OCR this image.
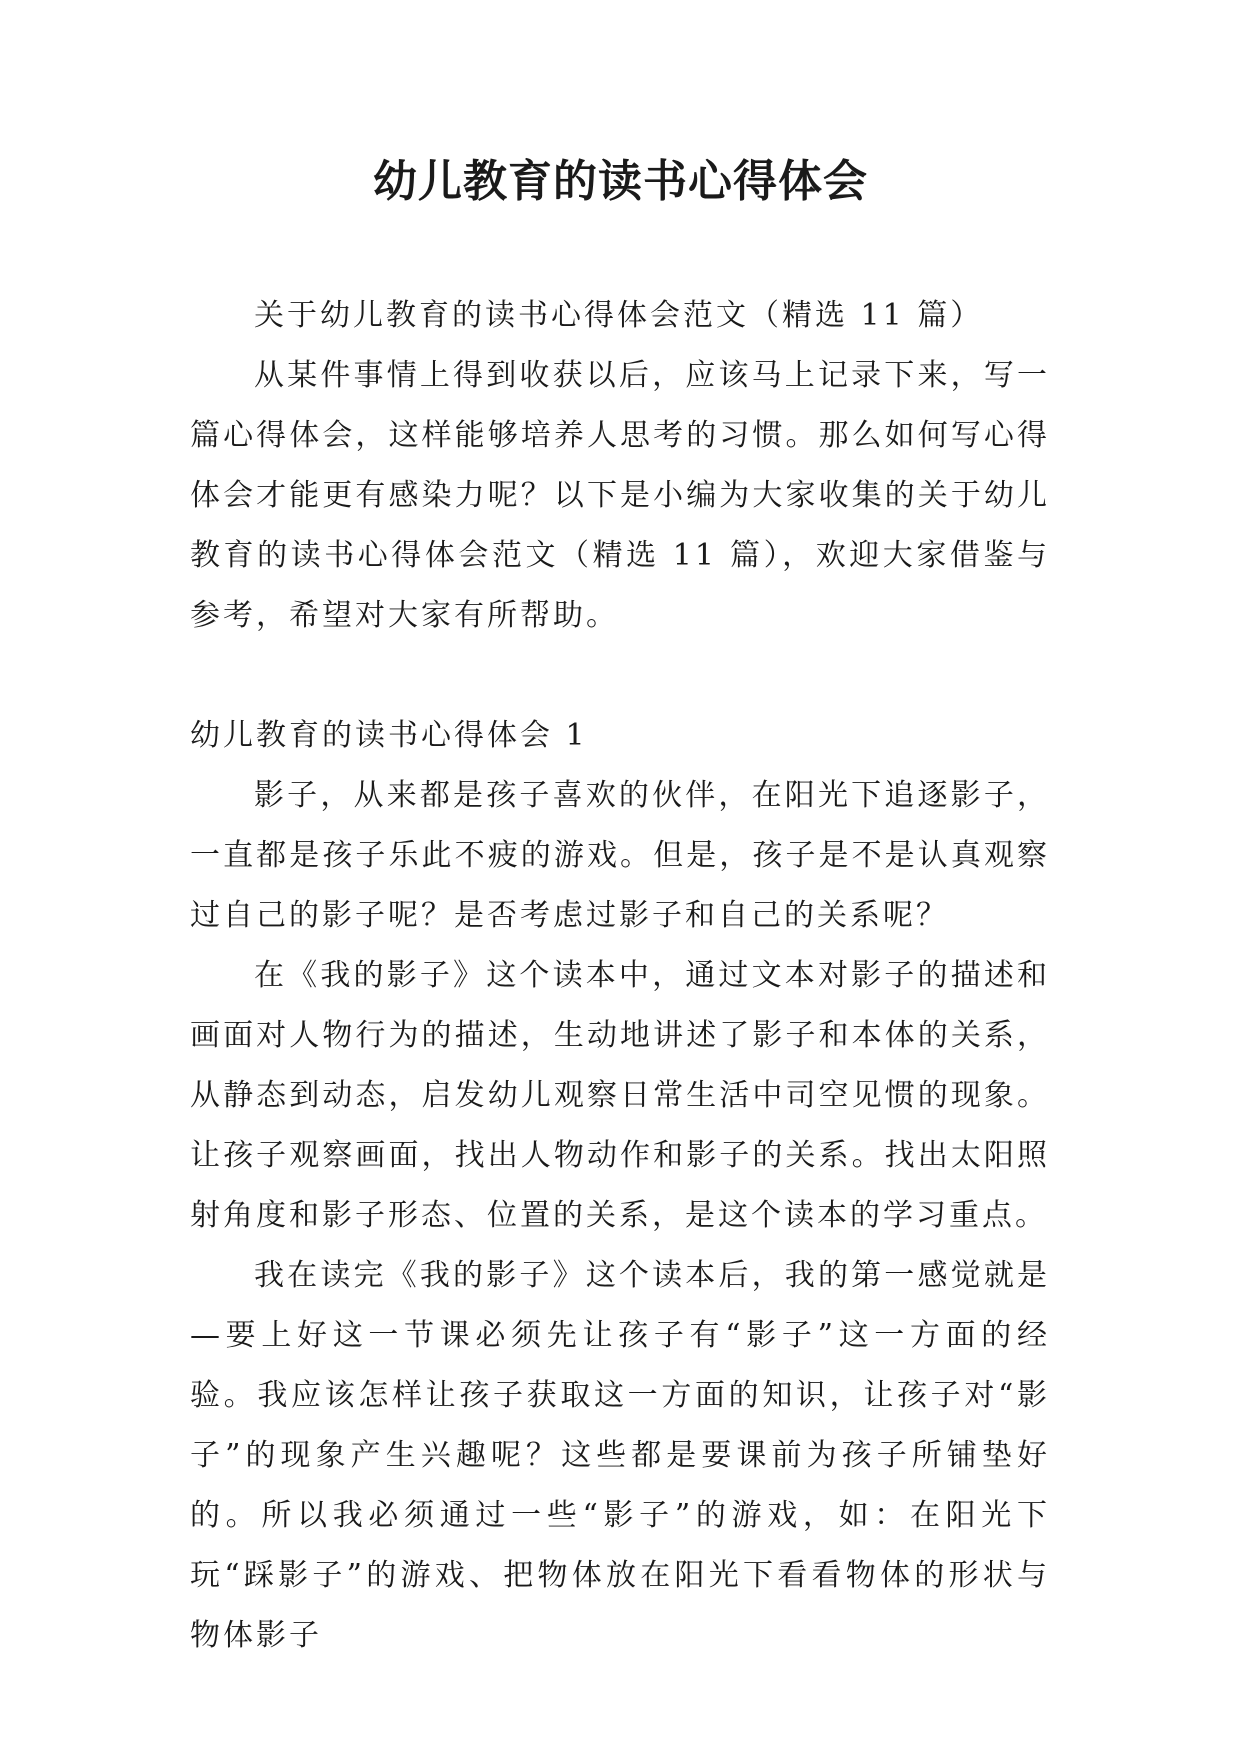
幼儿教育的读书心得体会

关于幼儿教育的读书心得体会范文（精选 11 篇）

从某件事情上得到收获以后，应该马上记录下来，写一篇心得体会，这样能够培养人思考的习惯。那么如何写心得体会才能更有感染力呢？以下是小编为大家收集的关于幼儿教育的读书心得体会范文（精选 11 篇），欢迎大家借鉴与参考，希望对大家有所帮助。

幼儿教育的读书心得体会 1

影子，从来都是孩子喜欢的伙伴，在阳光下追逐影子，一直都是孩子乐此不疲的游戏。但是，孩子是不是认真观察过自己的影子呢？是否考虑过影子和自己的关系呢？

在《我的影子》这个读本中，通过文本对影子的描述和画面对人物行为的描述，生动地讲述了影子和本体的关系，从静态到动态，启发幼儿观察日常生活中司空见惯的现象。让孩子观察画面，找出人物动作和影子的关系。找出太阳照射角度和影子形态、位置的关系，是这个读本的学习重点。

我在读完《我的影子》这个读本后，我的第一感觉就是—要上好这一节课必须先让孩子有“影子”这一方面的经验。我应该怎样让孩子获取这一方面的知识，让孩子对“影子”的现象产生兴趣呢？这些都是要课前为孩子所铺垫好的。所以我必须通过一些“影子”的游戏，如：在阳光下玩“踩影子”的游戏、把物体放在阳光下看看物体的形状与物体影子
